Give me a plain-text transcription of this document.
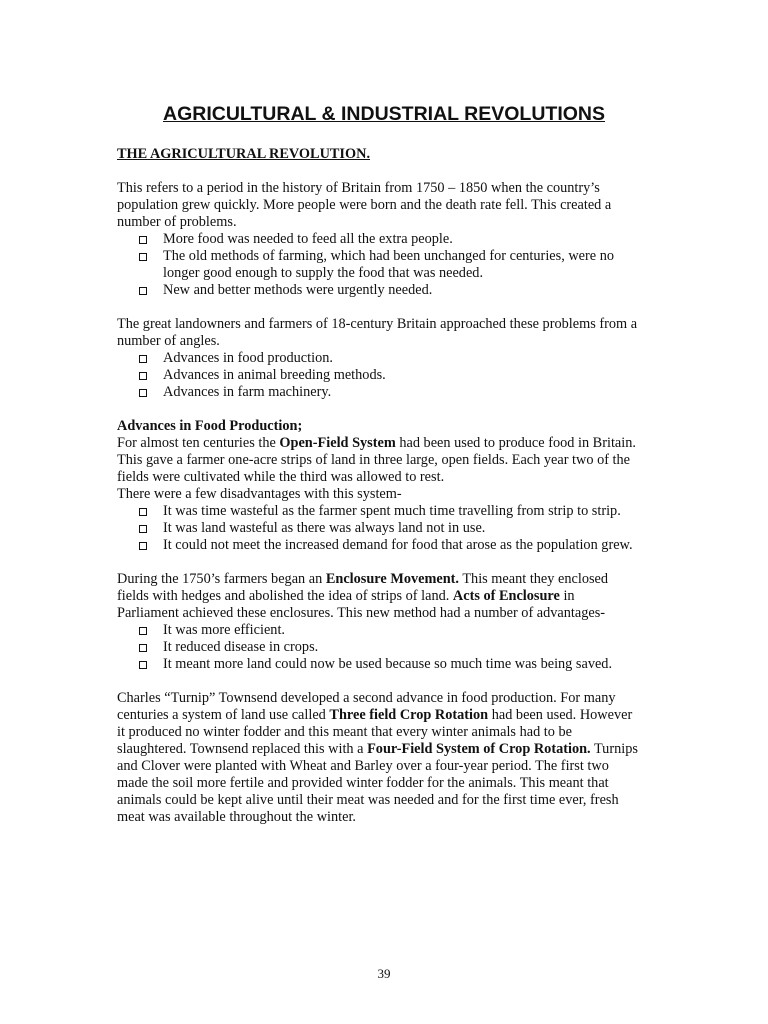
AGRICULTURAL & INDUSTRIAL REVOLUTIONS
THE AGRICULTURAL REVOLUTION.

This refers to a period in the history of Britain from 1750 – 1850 when the country’s population grew quickly. More people were born and the death rate fell. This created a number of problems.

More food was needed to feed all the extra people.
The old methods of farming, which had been unchanged for centuries, were no longer good enough to supply the food that was needed.
New and better methods were urgently needed.

The great landowners and farmers of 18-century Britain approached these problems from a number of angles.

Advances in food production.
Advances in animal breeding methods.
Advances in farm machinery.
Advances in Food Production;

For almost ten centuries the Open-Field System had been used to produce food in Britain. This gave a farmer one-acre strips of land in three large, open fields. Each year two of the fields were cultivated while the third was allowed to rest.

There were a few disadvantages with this system-

It was time wasteful as the farmer spent much time travelling from strip to strip.
It was land wasteful as there was always land not in use.
It could not meet the increased demand for food that arose as the population grew.

During the 1750’s farmers began an Enclosure Movement. This meant they enclosed fields with hedges and abolished the idea of strips of land. Acts of Enclosure in Parliament achieved these enclosures. This new method had a number of advantages-

It was more efficient.
It reduced disease in crops.
It meant more land could now be used because so much time was being saved.

Charles “Turnip” Townsend developed a second advance in food production. For many centuries a system of land use called Three field Crop Rotation had been used. However it produced no winter fodder and this meant that every winter animals had to be slaughtered. Townsend replaced this with a Four-Field System of Crop Rotation. Turnips and Clover were planted with Wheat and Barley over a four-year period. The first two made the soil more fertile and provided winter fodder for the animals. This meant that animals could be kept alive until their meat was needed and for the first time ever, fresh meat was available throughout the winter.

39
